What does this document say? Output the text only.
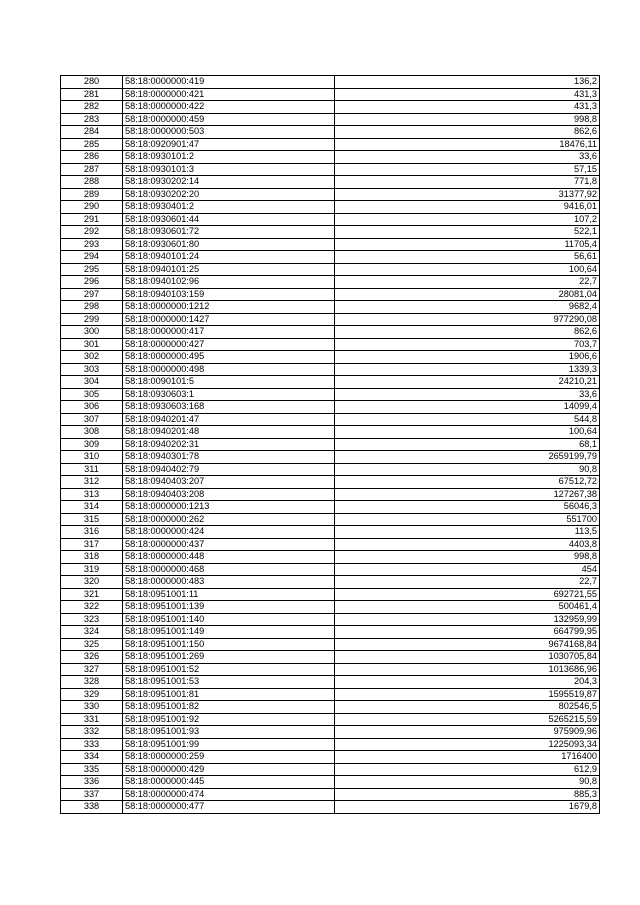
280	58:18:0000000:419	136,2
281	58:18:0000000:421	431,3
282	58:18:0000000:422	431,3
283	58:18:0000000:459	998,8
284	58:18:0000000:503	862,6
285	58:18:0920901:47	18476,11
286	58:18:0930101:2	33,6
287	58:18:0930101:3	57,15
288	58:18:0930202:14	771,8
289	58:18:0930202:20	31377,92
290	58:18:0930401:2	9416,01
291	58:18:0930601:44	107,2
292	58:18:0930601:72	522,1
293	58:18:0930601:80	11705,4
294	58:18:0940101:24	56,61
295	58:18:0940101:25	100,64
296	58:18:0940102:96	22,7
297	58:18:0940103:159	28081,04
298	58:18:0000000:1212	9682,4
299	58:18:0000000:1427	977290,08
300	58:18:0000000:417	862,6
301	58:18:0000000:427	703,7
302	58:18:0000000:495	1906,6
303	58:18:0000000:498	1339,3
304	58:18:0090101:5	24210,21
305	58:18:0930603:1	33,6
306	58:18:0930603:168	14099,4
307	58:18:0940201:47	544,8
308	58:18:0940201:48	100,64
309	58:18:0940202:31	68,1
310	58:18:0940301:78	2659199,79
311	58:18:0940402:79	90,8
312	58:18:0940403:207	67512,72
313	58:18:0940403:208	127267,38
314	58:18:0000000:1213	56046,3
315	58:18:0000000:262	551700
316	58:18:0000000:424	113,5
317	58:18:0000000:437	4403,8
318	58:18:0000000:448	998,8
319	58:18:0000000:468	454
320	58:18:0000000:483	22,7
321	58:18:0951001:11	692721,55
322	58:18:0951001:139	500461,4
323	58:18:0951001:140	132959,99
324	58:18:0951001:149	664799,95
325	58:18:0951001:150	9674168,84
326	58:18:0951001:269	1030705,84
327	58:18:0951001:52	1013686,96
328	58:18:0951001:53	204,3
329	58:18:0951001:81	1595519,87
330	58:18:0951001:82	802546,5
331	58:18:0951001:92	5265215,59
332	58:18:0951001:93	975909,96
333	58:18:0951001:99	1225093,34
334	58:18:0000000:259	1716400
335	58:18:0000000:429	612,9
336	58:18:0000000:445	90,8
337	58:18:0000000:474	885,3
338	58:18:0000000:477	1679,8
